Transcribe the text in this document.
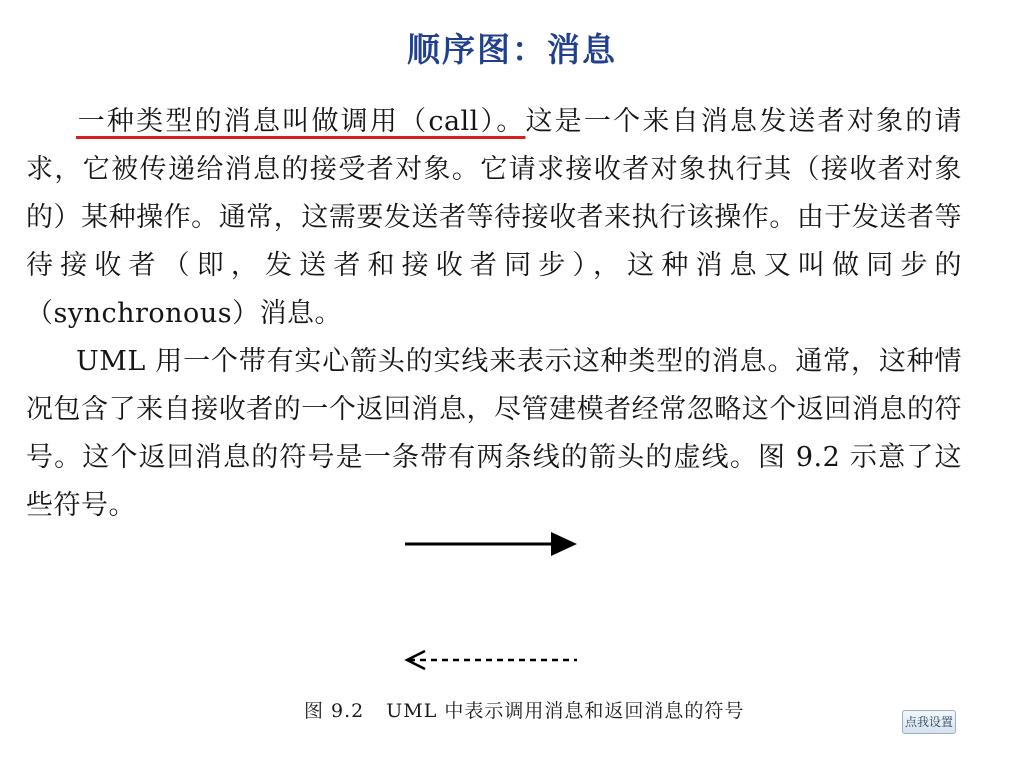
顺序图：消息

一种类型的消息叫做调用（call）。这是一个来自消息发送者对象的请求，它被传递给消息的接受者对象。它请求接收者对象执行其（接收者对象的）某种操作。通常，这需要发送者等待接收者来执行该操作。由于发送者等待接收者（即，发送者和接收者同步），这种消息又叫做同步的（synchronous）消息。

UML 用一个带有实心箭头的实线来表示这种类型的消息。通常，这种情况包含了来自接收者的一个返回消息，尽管建模者经常忽略这个返回消息的符号。这个返回消息的符号是一条带有两条线的箭头的虚线。图 9.2 示意了这些符号。

图 9.2 UML 中表示调用消息和返回消息的符号	点我设置
